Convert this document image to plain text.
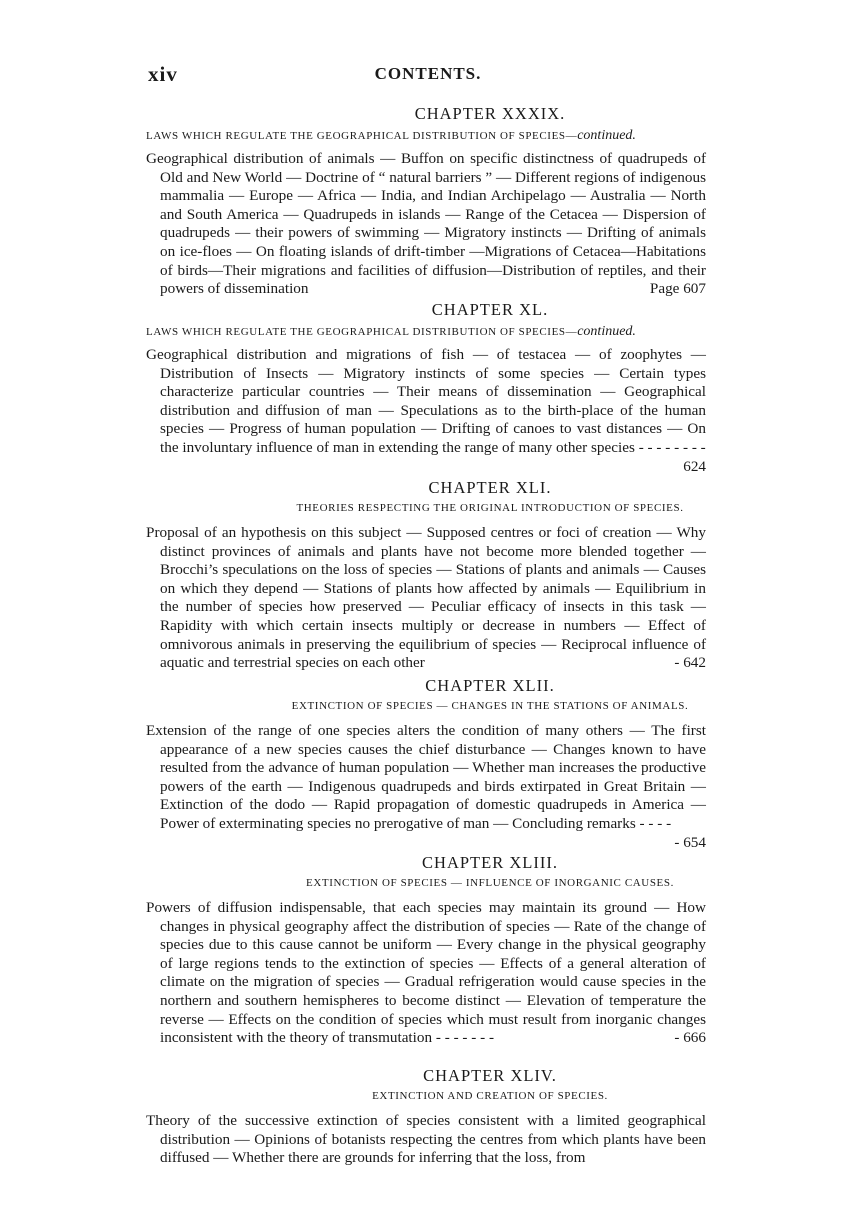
xiv	CONTENTS.
CHAPTER XXXIX.
LAWS WHICH REGULATE THE GEOGRAPHICAL DISTRIBUTION OF SPECIES—continued.
Geographical distribution of animals — Buffon on specific distinctness of quadrupeds of Old and New World — Doctrine of “ natural barriers ” — Different regions of indigenous mammalia — Europe — Africa — India, and Indian Archipelago — Australia — North and South America — Quadrupeds in islands — Range of the Cetacea — Dispersion of quadrupeds — their powers of swimming — Migratory instincts — Drifting of animals on ice-floes — On floating islands of drift-timber —Migrations of Cetacea—Habitations of birds—Their migrations and facilities of diffusion—Distribution of reptiles, and their powers of dissemination	Page 607
CHAPTER XL.
LAWS WHICH REGULATE THE GEOGRAPHICAL DISTRIBUTION OF SPECIES—continued.
Geographical distribution and migrations of fish — of testacea — of zoophytes — Distribution of Insects — Migratory instincts of some species — Certain types characterize particular countries — Their means of dissemination — Geographical distribution and diffusion of man — Speculations as to the birth-place of the human species — Progress of human population — Drifting of canoes to vast distances — On the involuntary influence of man in extending the range of many other species - - - - - - - -
624
CHAPTER XLI.
THEORIES RESPECTING THE ORIGINAL INTRODUCTION OF SPECIES.
Proposal of an hypothesis on this subject — Supposed centres or foci of creation — Why distinct provinces of animals and plants have not become more blended together — Brocchi’s speculations on the loss of species — Stations of plants and animals — Causes on which they depend — Stations of plants how affected by animals — Equilibrium in the number of species how preserved — Peculiar efficacy of insects in this task — Rapidity with which certain insects multiply or decrease in numbers — Effect of omnivorous animals in preserving the equilibrium of species — Reciprocal influence of aquatic and terrestrial species on each other	- 642
CHAPTER XLII.
EXTINCTION OF SPECIES — CHANGES IN THE STATIONS OF ANIMALS.
Extension of the range of one species alters the condition of many others — The first appearance of a new species causes the chief disturbance — Changes known to have resulted from the advance of human population — Whether man increases the productive powers of the earth — Indigenous quadrupeds and birds extirpated in Great Britain — Extinction of the dodo — Rapid propagation of domestic quadrupeds in America — Power of exterminating species no prerogative of man — Concluding remarks - - - -
- 654
CHAPTER XLIII.
EXTINCTION OF SPECIES — INFLUENCE OF INORGANIC CAUSES.
Powers of diffusion indispensable, that each species may maintain its ground — How changes in physical geography affect the distribution of species — Rate of the change of species due to this cause cannot be uniform — Every change in the physical geography of large regions tends to the extinction of species — Effects of a general alteration of climate on the migration of species — Gradual refrigeration would cause species in the northern and southern hemispheres to become distinct — Elevation of temperature the reverse — Effects on the condition of species which must result from inorganic changes inconsistent with the theory of transmutation - - - - - - -	- 666
CHAPTER XLIV.
EXTINCTION AND CREATION OF SPECIES.
Theory of the successive extinction of species consistent with a limited geographical distribution — Opinions of botanists respecting the centres from which plants have been diffused — Whether there are grounds for inferring that the loss, from
